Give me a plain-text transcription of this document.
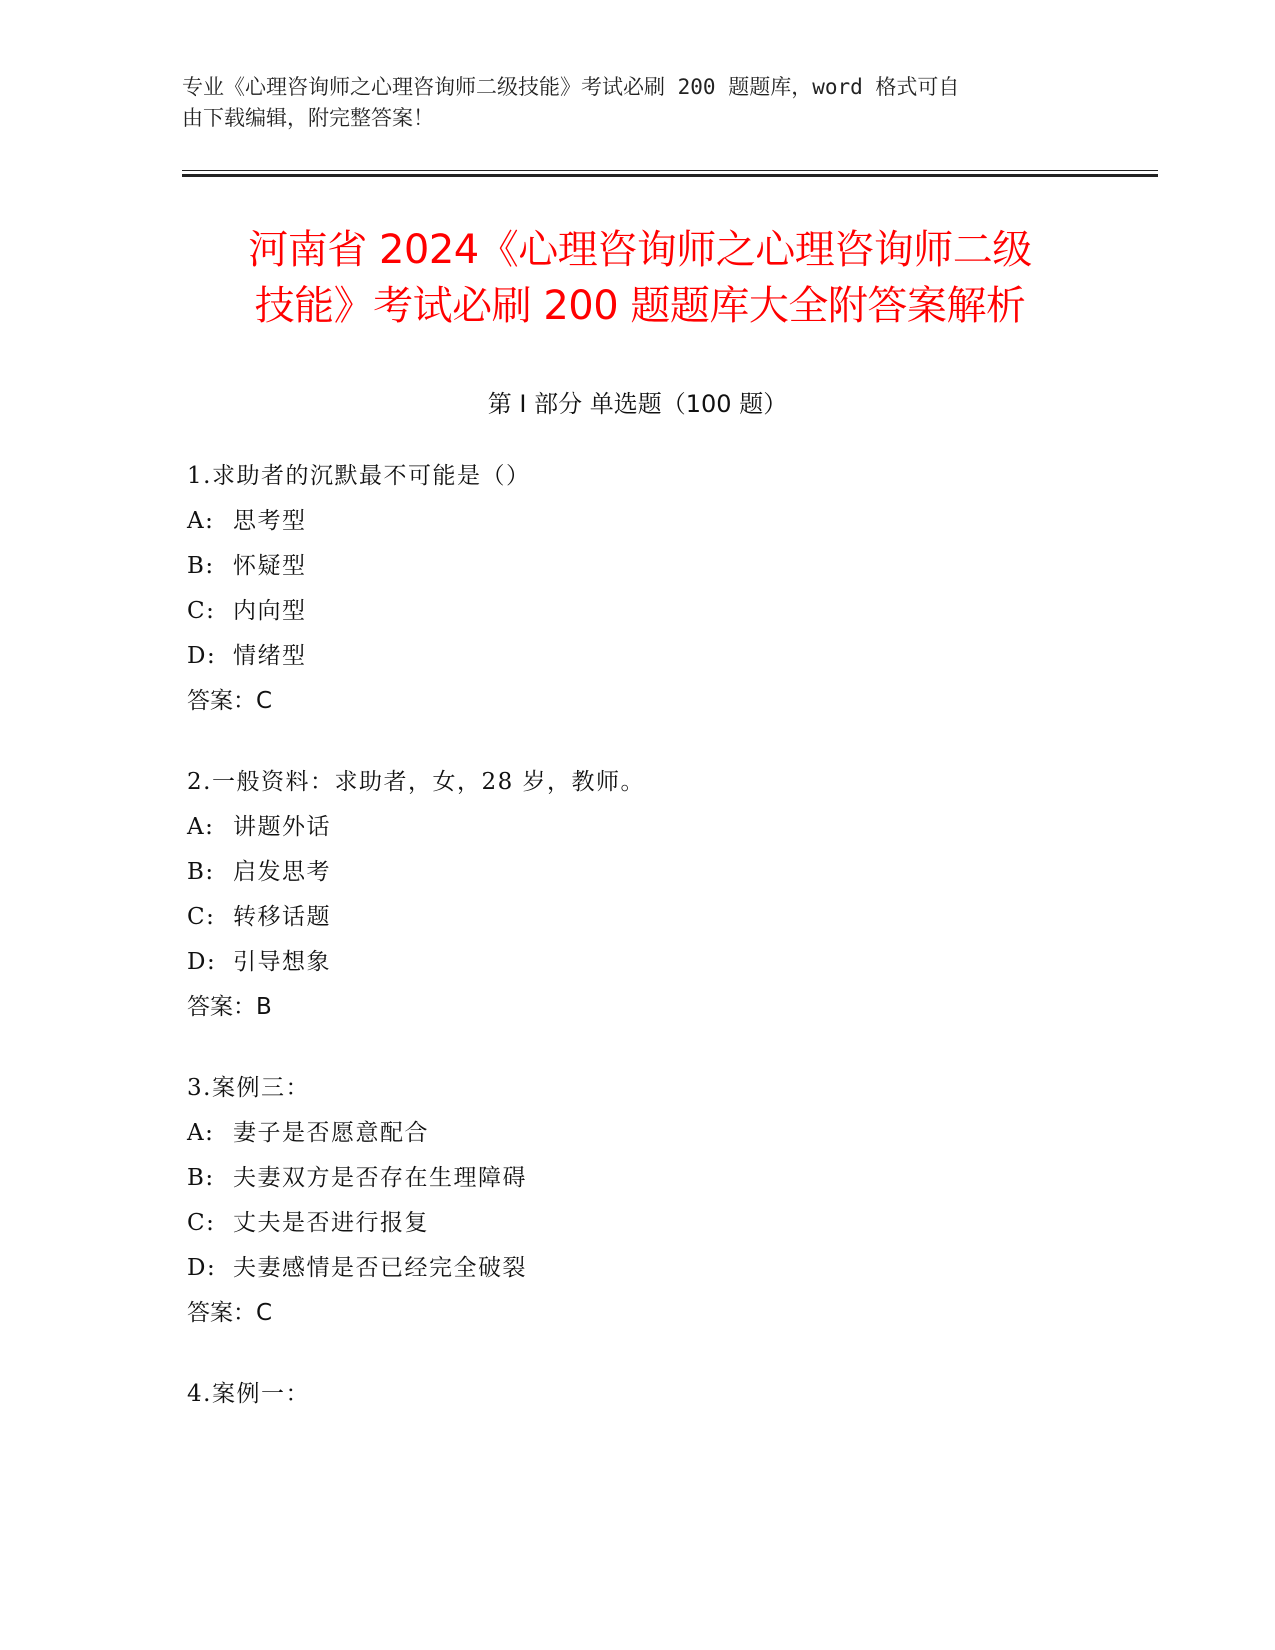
专业《心理咨询师之心理咨询师二级技能》考试必刷 200 题题库，word 格式可自
由下载编辑，附完整答案！
河南省 2024《心理咨询师之心理咨询师二级
技能》考试必刷 200 题题库大全附答案解析
第 I 部分 单选题（100 题）
1.求助者的沉默最不可能是（）
A: 思考型
B: 怀疑型
C: 内向型
D: 情绪型
答案：C
2.一般资料：求助者，女，28 岁，教师。
A: 讲题外话
B: 启发思考
C: 转移话题
D: 引导想象
答案：B
3.案例三：
A: 妻子是否愿意配合
B: 夫妻双方是否存在生理障碍
C: 丈夫是否进行报复
D: 夫妻感情是否已经完全破裂
答案：C
4.案例一：
